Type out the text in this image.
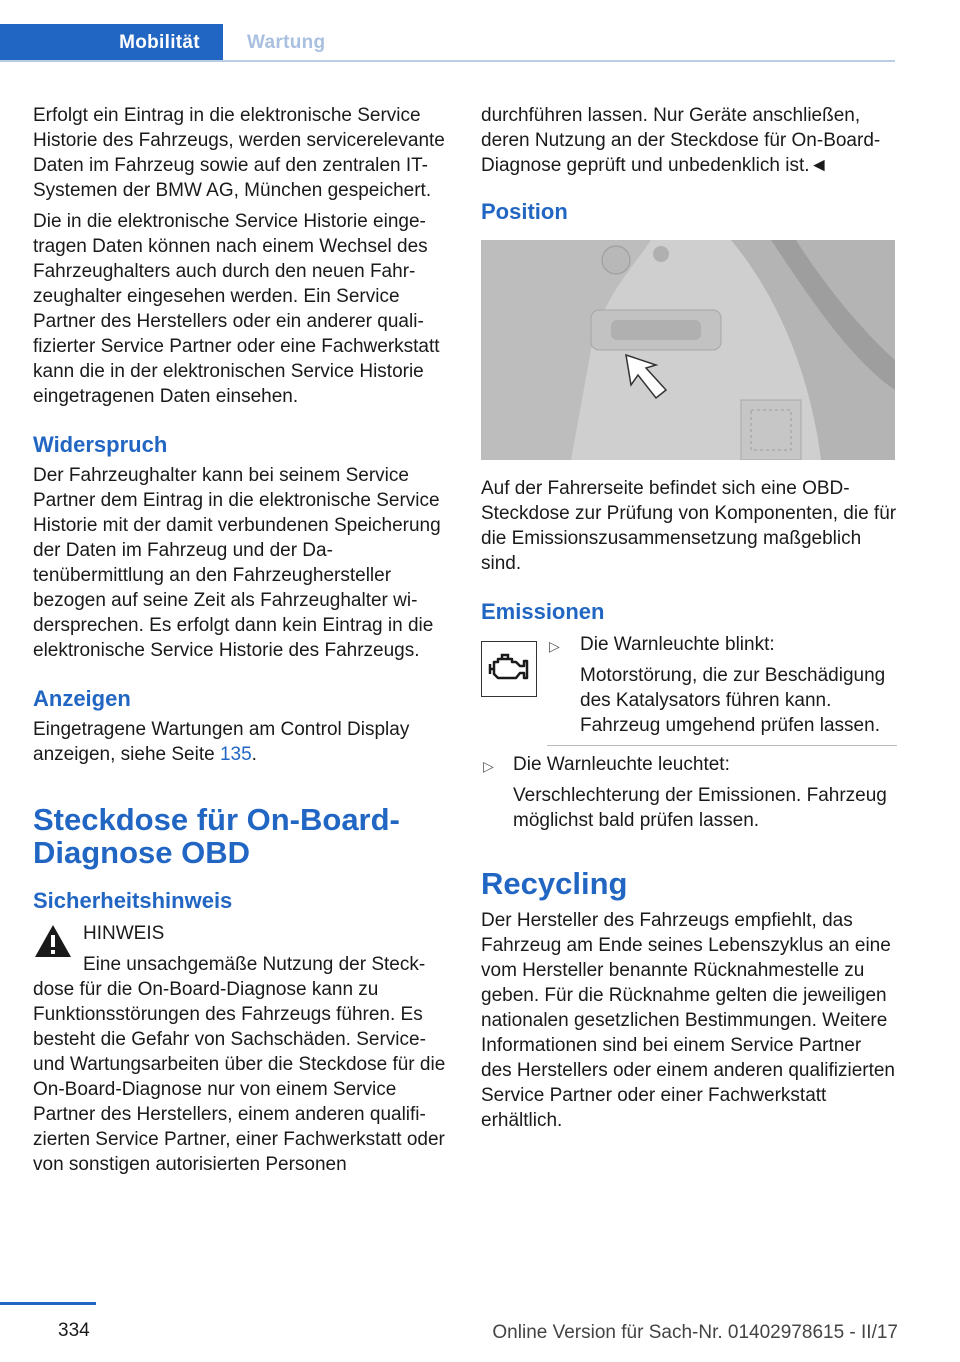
Mobilität	Wartung

Erfolgt ein Eintrag in die elektronische Service Historie des Fahrzeugs, werden servicerelevante Daten im Fahrzeug sowie auf den zentralen IT-Systemen der BMW AG, München gespeichert.

Die in die elektronische Service Historie eingetragen Daten können nach einem Wechsel des Fahrzeughalters auch durch den neuen Fahrzeughalter eingesehen werden. Ein Service Partner des Herstellers oder ein anderer qualifizierter Service Partner oder eine Fachwerkstatt kann die in der elektronischen Service Historie eingetragenen Daten einsehen.

Widerspruch

Der Fahrzeughalter kann bei seinem Service Partner dem Eintrag in die elektronische Service Historie mit der damit verbundenen Speicherung der Daten im Fahrzeug und der Datenübermittlung an den Fahrzeughersteller bezogen auf seine Zeit als Fahrzeughalter widersprechen. Es erfolgt dann kein Eintrag in die elektronische Service Historie des Fahrzeugs.

Anzeigen

Eingetragene Wartungen am Control Display anzeigen, siehe Seite 135.

Steckdose für On-Board-Diagnose OBD
Sicherheitshinweis
HINWEIS

Eine unsachgemäße Nutzung der Steckdose für die On-Board-Diagnose kann zu Funktionsstörungen des Fahrzeugs führen. Es besteht die Gefahr von Sachschäden. Service- und Wartungsarbeiten über die Steckdose für die On-Board-Diagnose nur von einem Service Partner des Herstellers, einem anderen qualifizierten Service Partner, einer Fachwerkstatt oder von sonstigen autorisierten Personen

durchführen lassen. Nur Geräte anschließen, deren Nutzung an der Steckdose für On-Board-Diagnose geprüft und unbedenklich ist.◄

Position

Auf der Fahrerseite befindet sich eine OBD-Steckdose zur Prüfung von Komponenten, die für die Emissionszusammensetzung maßgeblich sind.

Emissionen
▷ Die Warnleuchte blinkt:
Motorstörung, die zur Beschädigung des Katalysators führen kann. Fahrzeug umgehend prüfen lassen.
▷ Die Warnleuchte leuchtet:

Verschlechterung der Emissionen. Fahrzeug möglichst bald prüfen lassen.

Recycling

Der Hersteller des Fahrzeugs empfiehlt, das Fahrzeug am Ende seines Lebenszyklus an eine vom Hersteller benannte Rücknahmestelle zu geben. Für die Rücknahme gelten die jeweiligen nationalen gesetzlichen Bestimmungen. Weitere Informationen sind bei einem Service Partner des Herstellers oder einem anderen qualifizierten Service Partner oder einer Fachwerkstatt erhältlich.

334	Online Version für Sach-Nr. 01402978615 - II/17
